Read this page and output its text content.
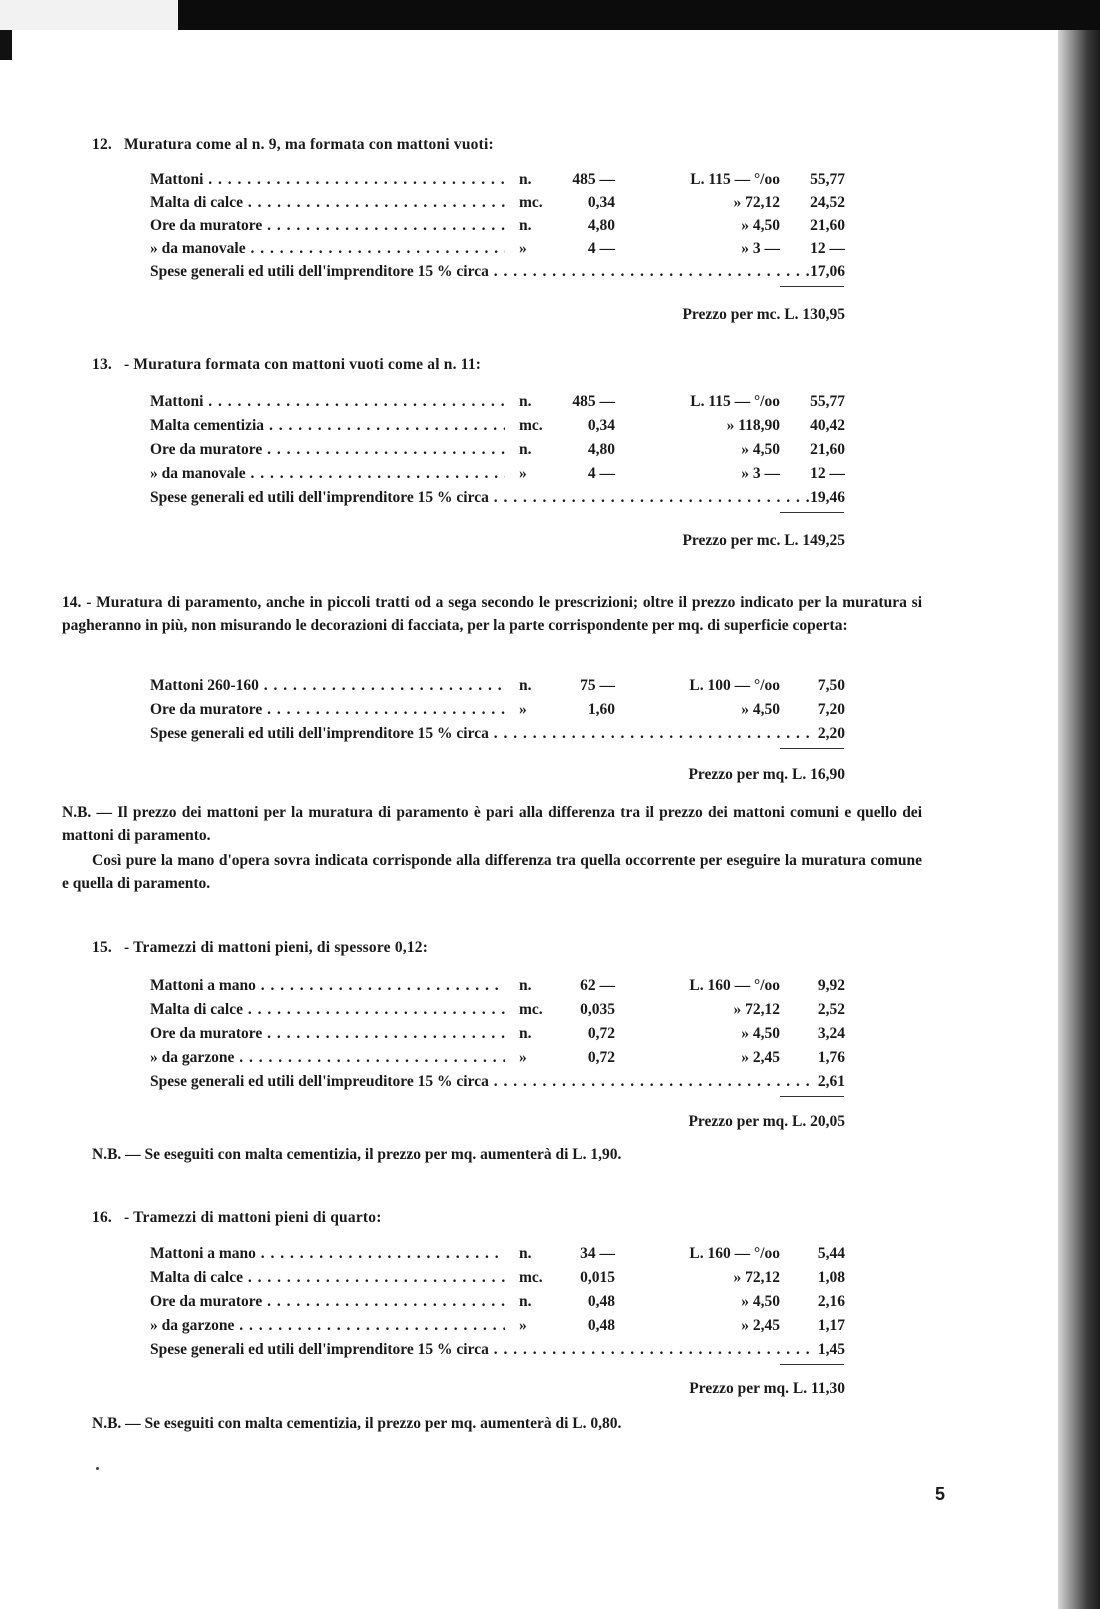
12. Muratura come al n. 9, ma formata con mattoni vuoti:
Mattoni . . .	n.	485 —	L. 115 — °/oo	55,77
Malta di calce . . .	mc.	0,34	» 72,12	24,52
Ore da muratore . . .	n.	4,80	» 4,50	21,60
» da manovale . . .	»	4 —	» 3 —	12 —
Spese generali ed utili dell'imprenditore 15 % circa . . .	17,06
Prezzo per mc. L. 130,95
13. - Muratura formata con mattoni vuoti come al n. 11:
Mattoni . . .	n.	485 —	L. 115 — °/oo	55,77
Malta cementizia . . .	mc.	0,34	» 118,90	40,42
Ore da muratore . . .	n.	4,80	» 4,50	21,60
» da manovale . . .	»	4 —	» 3 —	12 —
Spese generali ed utili dell'imprenditore 15 % circa . . .	19,46
Prezzo per mc. L. 149,25
14. - Muratura di paramento, anche in piccoli tratti od a sega secondo le prescrizioni; oltre il prezzo indicato per la muratura si pagheranno in più, non misurando le decorazioni di facciata, per la parte corrispondente per mq. di superficie coperta:
Mattoni 260-160 . . .	n.	75 —	L. 100 — °/oo	7,50
Ore da muratore . . .	»	1,60	» 4,50	7,20
Spese generali ed utili dell'imprenditore 15 % circa . . .	2,20
Prezzo per mq. L. 16,90
N.B. — Il prezzo dei mattoni per la muratura di paramento è pari alla differenza tra il prezzo dei mattoni comuni e quello dei mattoni di paramento.
Così pure la mano d'opera sovra indicata corrisponde alla differenza tra quella occorrente per eseguire la muratura comune e quella di paramento.
15. - Tramezzi di mattoni pieni, di spessore 0,12:
Mattoni a mano . . .	n.	62 —	L. 160 — °/oo	9,92
Malta di calce . . .	mc.	0,035	» 72,12	2,52
Ore da muratore . . .	n.	0,72	» 4,50	3,24
» da garzone . . .	»	0,72	» 2,45	1,76
Spese generali ed utili dell'impreuditore 15 % circa . . .	2,61
Prezzo per mq. L. 20,05
N.B. — Se eseguiti con malta cementizia, il prezzo per mq. aumenterà di L. 1,90.
16. - Tramezzi di mattoni pieni di quarto:
Mattoni a mano . . .	n.	34 —	L. 160 — °/oo	5,44
Malta di calce . . .	mc.	0,015	» 72,12	1,08
Ore da muratore . . .	n.	0,48	» 4,50	2,16
» da garzone . . .	»	0,48	» 2,45	1,17
Spese generali ed utili dell'imprenditore 15 % circa . . .	1,45
Prezzo per mq. L. 11,30
N.B. — Se eseguiti con malta cementizia, il prezzo per mq. aumenterà di L. 0,80.
5
